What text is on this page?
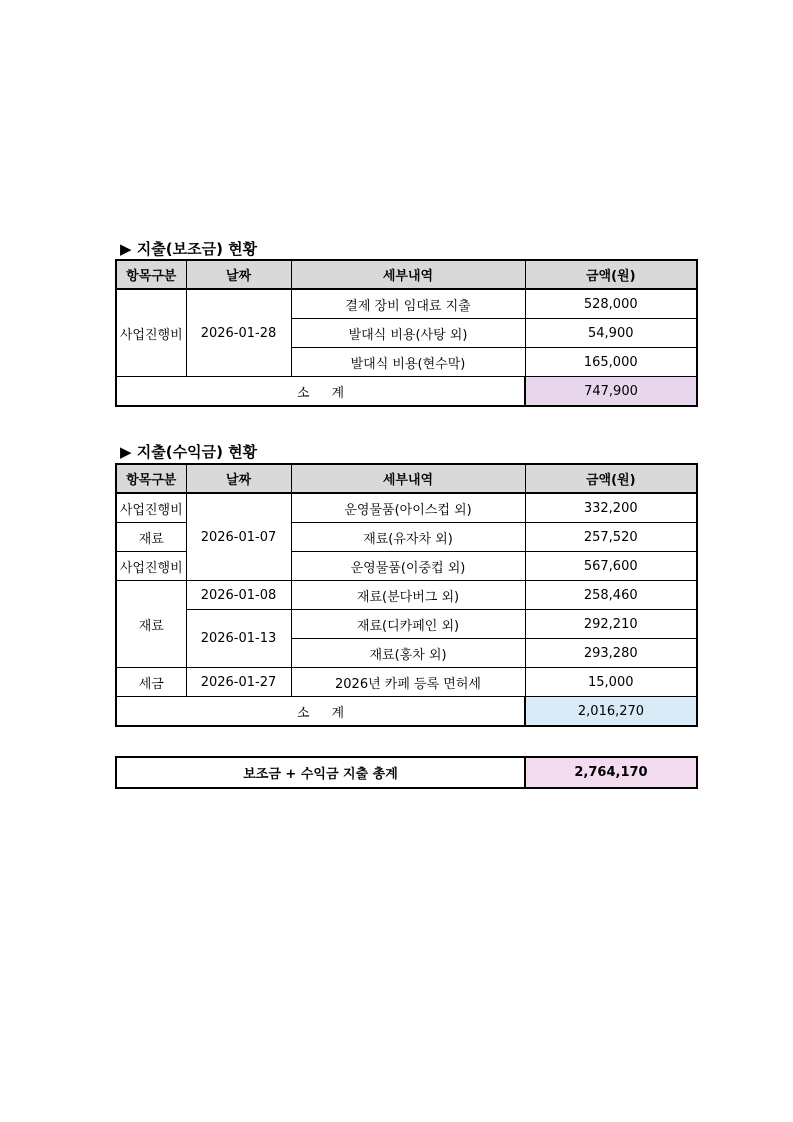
▶ 지출(보조금) 현황
항목구분	날짜	세부내역	금액(원)
사업진행비	2026-01-28	결제 장비 임대료 지출	528,000
		발대식 비용(사탕 외)	54,900
		발대식 비용(현수막)	165,000
소계			747,900
▶ 지출(수익금) 현황
항목구분	날짜	세부내역	금액(원)
사업진행비	2026-01-07	운영물품(아이스컵 외)	332,200
재료		재료(유자차 외)	257,520
사업진행비		운영물품(이중컵 외)	567,600
재료	2026-01-08	재료(분다버그 외)	258,460
	2026-01-13	재료(디카페인 외)	292,210
		재료(홍차 외)	293,280
세금	2026-01-27	2026년 카페 등록 면허세	15,000
소계			2,016,270
보조금 + 수익금 지출 총계	2,764,170
